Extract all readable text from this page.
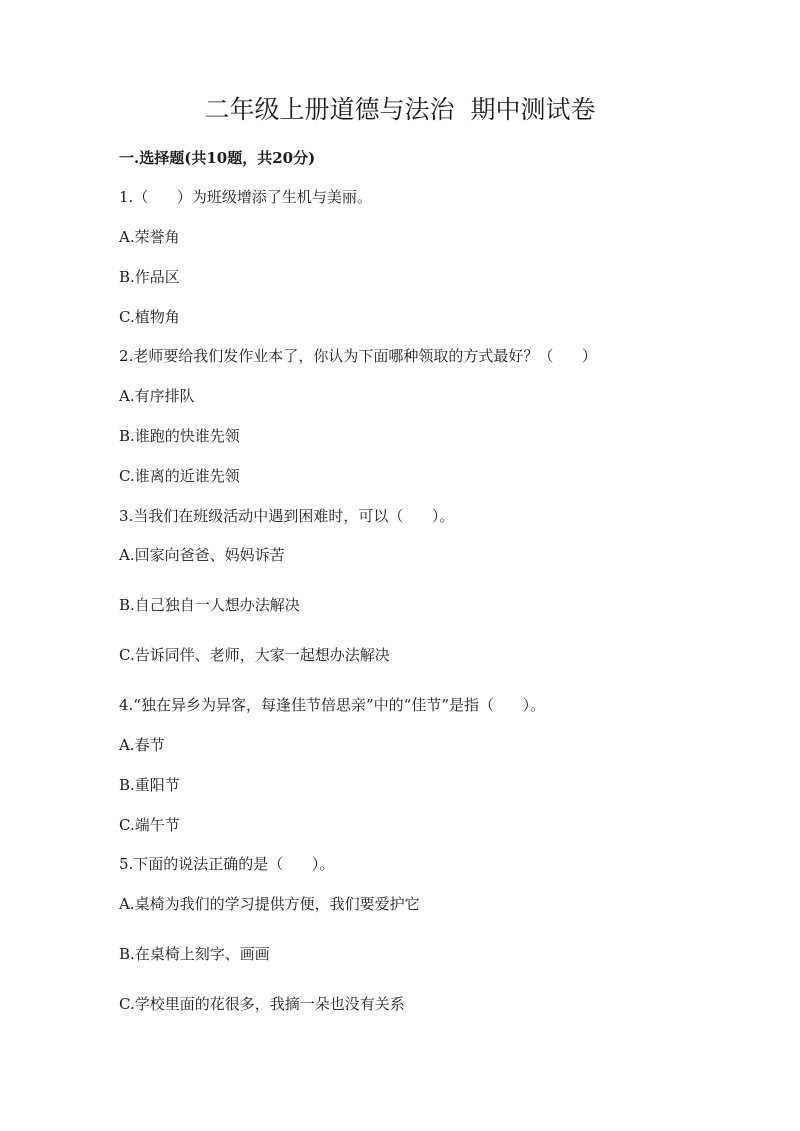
二年级上册道德与法治  期中测试卷
一.选择题(共10题，共20分)
1.（      ）为班级增添了生机与美丽。
A.荣誉角
B.作品区
C.植物角
2.老师要给我们发作业本了，你认为下面哪种领取的方式最好？（      ）
A.有序排队
B.谁跑的快谁先领
C.谁离的近谁先领
3.当我们在班级活动中遇到困难时，可以（      ）。
A.回家向爸爸、妈妈诉苦
B.自己独自一人想办法解决
C.告诉同伴、老师，大家一起想办法解决
4.“独在异乡为异客，每逢佳节倍思亲”中的“佳节”是指（      ）。
A.春节
B.重阳节
C.端午节
5.下面的说法正确的是（      ）。
A.桌椅为我们的学习提供方便，我们要爱护它
B.在桌椅上刻字、画画
C.学校里面的花很多，我摘一朵也没有关系
